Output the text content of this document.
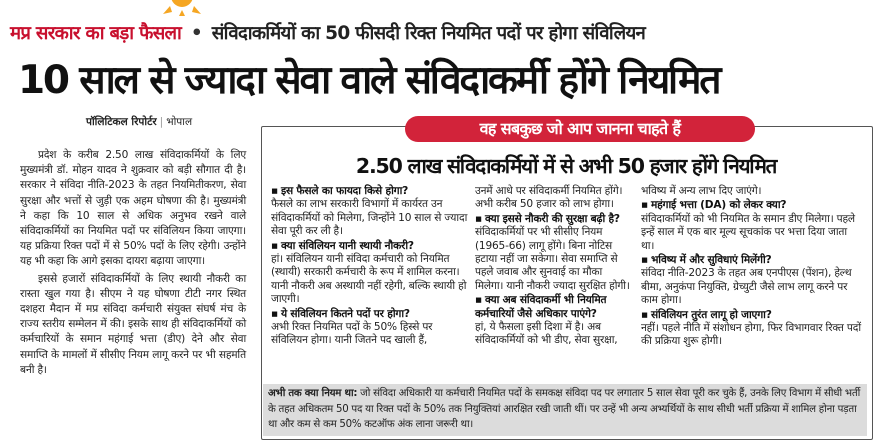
मप्र सरकार का बड़ा फैसला • संविदाकर्मियों का 50 फीसदी रिक्त नियमित पदों पर होगा संविलियन
10 साल से ज्यादा सेवा वाले संविदाकर्मी होंगे नियमित
पॉलिटिकल रिपोर्टर | भोपाल

प्रदेश के करीब 2.50 लाख संविदाकर्मियों के लिए मुख्यमंत्री डॉ. मोहन यादव ने शुक्रवार को बड़ी सौगात दी है। सरकार ने संविदा नीति-2023 के तहत नियमितीकरण, सेवा सुरक्षा और भत्तों से जुड़ी एक अहम घोषणा की है। मुख्यमंत्री ने कहा कि 10 साल से अधिक अनुभव रखने वाले संविदाकर्मियों का नियमित पदों पर संविलियन किया जाएगा। यह प्रक्रिया रिक्त पदों में से 50% पदों के लिए रहेगी। उन्होंने यह भी कहा कि आगे इसका दायरा बढ़ाया जाएगा।

इससे हजारों संविदाकर्मियों के लिए स्थायी नौकरी का रास्ता खुल गया है। सीएम ने यह घोषणा टीटी नगर स्थित दशहरा मैदान में मप्र संविदा कर्मचारी संयुक्त संघर्ष मंच के राज्य स्तरीय सम्मेलन में की। इसके साथ ही संविदाकर्मियों को कर्मचारियों के समान महंगाई भत्ता (डीए) देने और सेवा समाप्ति के मामलों में सीसीए नियम लागू करने पर भी सहमति बनी है।

वह सबकुछ जो आप जानना चाहते हैं
2.50 लाख संविदाकर्मियों में से अभी 50 हजार होंगे नियमित
▪ इस फैसले का फायदा किसे होगा?
फैसले का लाभ सरकारी विभागों में कार्यरत उन संविदाकर्मियों को मिलेगा, जिन्होंने 10 साल से ज्यादा सेवा पूरी कर ली है।
▪ क्या संविलियन यानी स्थायी नौकरी?
हां। संविलियन यानी संविदा कर्मचारी को नियमित (स्थायी) सरकारी कर्मचारी के रूप में शामिल करना। यानी नौकरी अब अस्थायी नहीं रहेगी, बल्कि स्थायी हो जाएगी।
▪ ये संविलियन कितने पदों पर होगा?
अभी रिक्त नियमित पदों के 50% हिस्से पर संविलियन होगा। यानी जितने पद खाली हैं,
उनमें आधे पर संविदाकर्मी नियमित होंगे। अभी करीब 50 हजार को लाभ होगा।
▪ क्या इससे नौकरी की सुरक्षा बढ़ी है?
संविदाकर्मियों पर भी सीसीए नियम (1965-66) लागू होंगे। बिना नोटिस हटाया नहीं जा सकेगा। सेवा समाप्ति से पहले जवाब और सुनवाई का मौका मिलेगा। यानी नौकरी ज्यादा सुरक्षित होगी।
▪ क्या अब संविदाकर्मी भी नियमित कर्मचारियों जैसे अधिकार पाएंगे?
हां, ये फैसला इसी दिशा में है। अब संविदाकर्मियों को भी डीए, सेवा सुरक्षा,
भविष्य में अन्य लाभ दिए जाएंगे।
▪ महंगाई भत्ता (DA) को लेकर क्या?
संविदाकर्मियों को भी नियमित के समान डीए मिलेगा। पहले इन्हें साल में एक बार मूल्य सूचकांक पर भत्ता दिया जाता था।
▪ भविष्य में और सुविधाएं मिलेंगी?
संविदा नीति-2023 के तहत अब एनपीएस (पेंशन), हेल्थ बीमा, अनुकंपा नियुक्ति, ग्रेच्युटी जैसे लाभ लागू करने पर काम होगा।
▪ संविलियन तुरंत लागू हो जाएगा?
नहीं। पहले नीति में संशोधन होगा, फिर विभागवार रिक्त पदों की प्रक्रिया शुरू होगी।
अभी तक क्या नियम था: जो संविदा अधिकारी या कर्मचारी नियमित पदों के समकक्ष संविदा पद पर लगातार 5 साल सेवा पूरी कर चुके हैं, उनके लिए विभाग में सीधी भर्ती के तहत अधिकतम 50 पद या रिक्त पदों के 50% तक नियुक्तियां आरक्षित रखी जाती थीं। पर उन्हें भी अन्य अभ्यर्थियों के साथ सीधी भर्ती प्रक्रिया में शामिल होना पड़ता था और कम से कम 50% कटऑफ अंक लाना जरूरी था।
